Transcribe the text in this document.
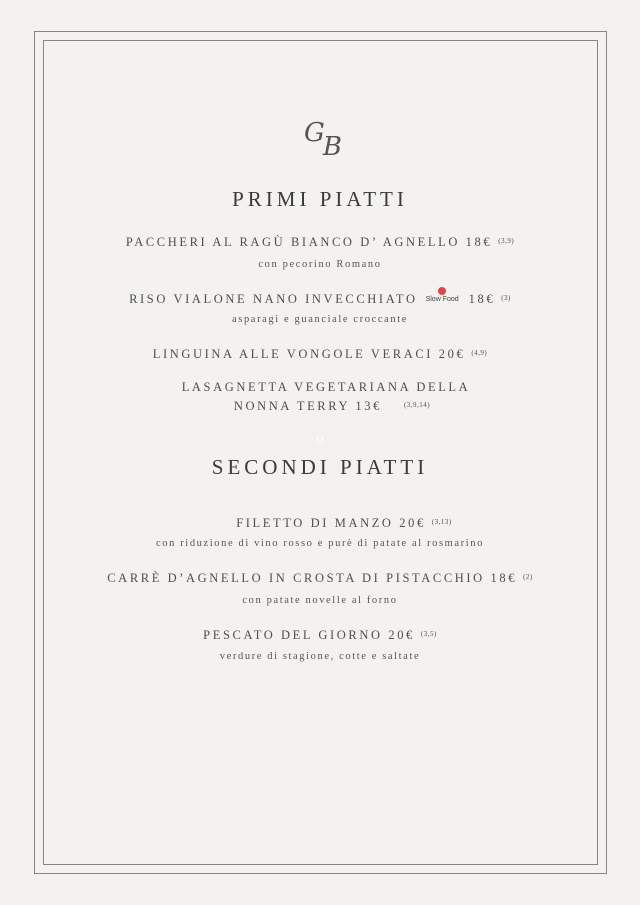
GB
PRIMI PIATTI
PACCHERI AL RAGÙ BIANCO D’ AGNELLO 18€ $^{(3,9)}$
con pecorino Romano
RISO VIALONE NANO INVECCHIATO Slow Food 18€ $^{(3)}$
asparagi e guanciale croccante
LINGUINA ALLE VONGOLE VERACI 20€ $^{(4,9)}$
LASAGNETTA VEGETARIANA DELLA
NONNA TERRY 13€	$^{(3,9,14)}$
()
SECONDI PIATTI
FILETTO DI MANZO 20€ $^{(3,13)}$
con riduzione di vino rosso e purè di patate al rosmarino
CARRÈ D’AGNELLO IN CROSTA DI PISTACCHIO 18€ $^{(2)}$
con patate novelle al forno
PESCATO DEL GIORNO 20€ $^{(3,5)}$
verdure di stagione, cotte e saltate
